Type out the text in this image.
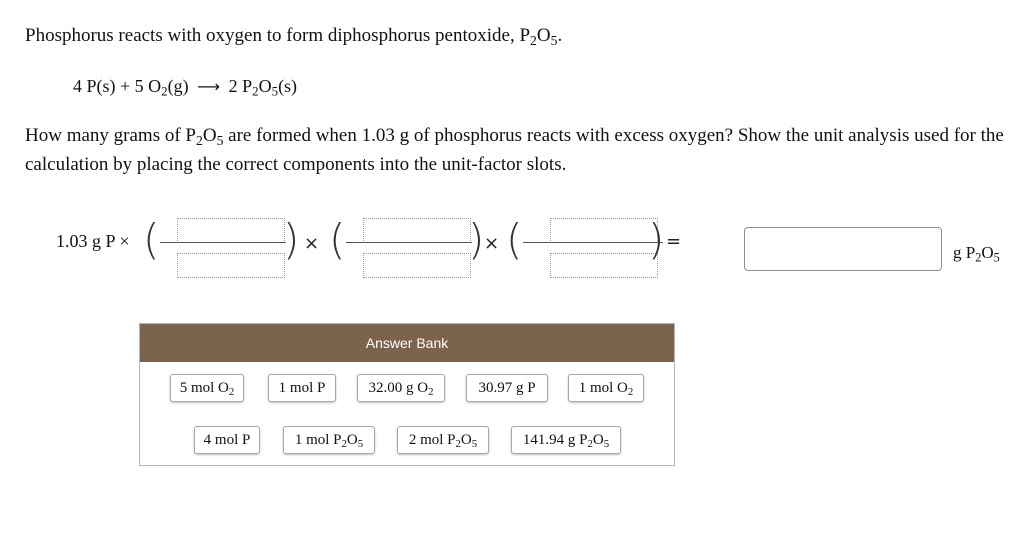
Phosphorus reacts with oxygen to form diphosphorus pentoxide, $P_2O_5$.
4 P(s) + 5 $O_2(g)$ ⟶ 2 $P_2O_5(s)$
How many grams of $P_2O_5$ are formed when 1.03 g of phosphorus reacts with excess oxygen? Show the unit analysis used for the calculation by placing the correct components into the unit-factor slots.
1.03 g P × (	) × (	) × (	) =
g $P_2O_5$
Answer Bank
5 mol $O_2$	1 mol P	32.00 g $O_2$	30.97 g P	1 mol $O_2$
4 mol P	1 mol $P_2O_5$	2 mol $P_2O_5$	141.94 g $P_2O_5$
